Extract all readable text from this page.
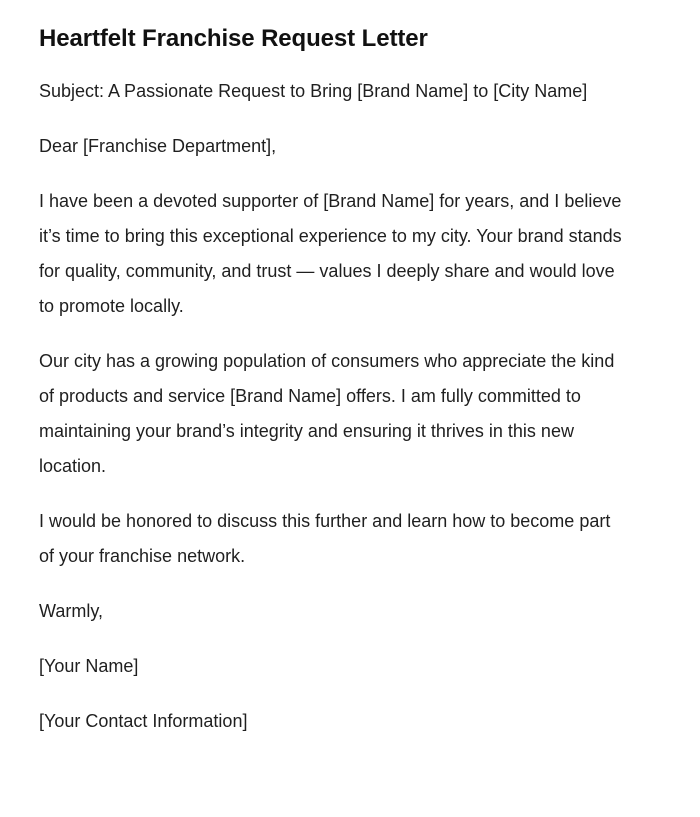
Heartfelt Franchise Request Letter

Subject: A Passionate Request to Bring [Brand Name] to [City Name]

Dear [Franchise Department],

I have been a devoted supporter of [Brand Name] for years, and I believe it’s time to bring this exceptional experience to my city. Your brand stands for quality, community, and trust — values I deeply share and would love to promote locally.

Our city has a growing population of consumers who appreciate the kind of products and service [Brand Name] offers. I am fully committed to maintaining your brand’s integrity and ensuring it thrives in this new location.

I would be honored to discuss this further and learn how to become part of your franchise network.

Warmly,

[Your Name]

[Your Contact Information]
